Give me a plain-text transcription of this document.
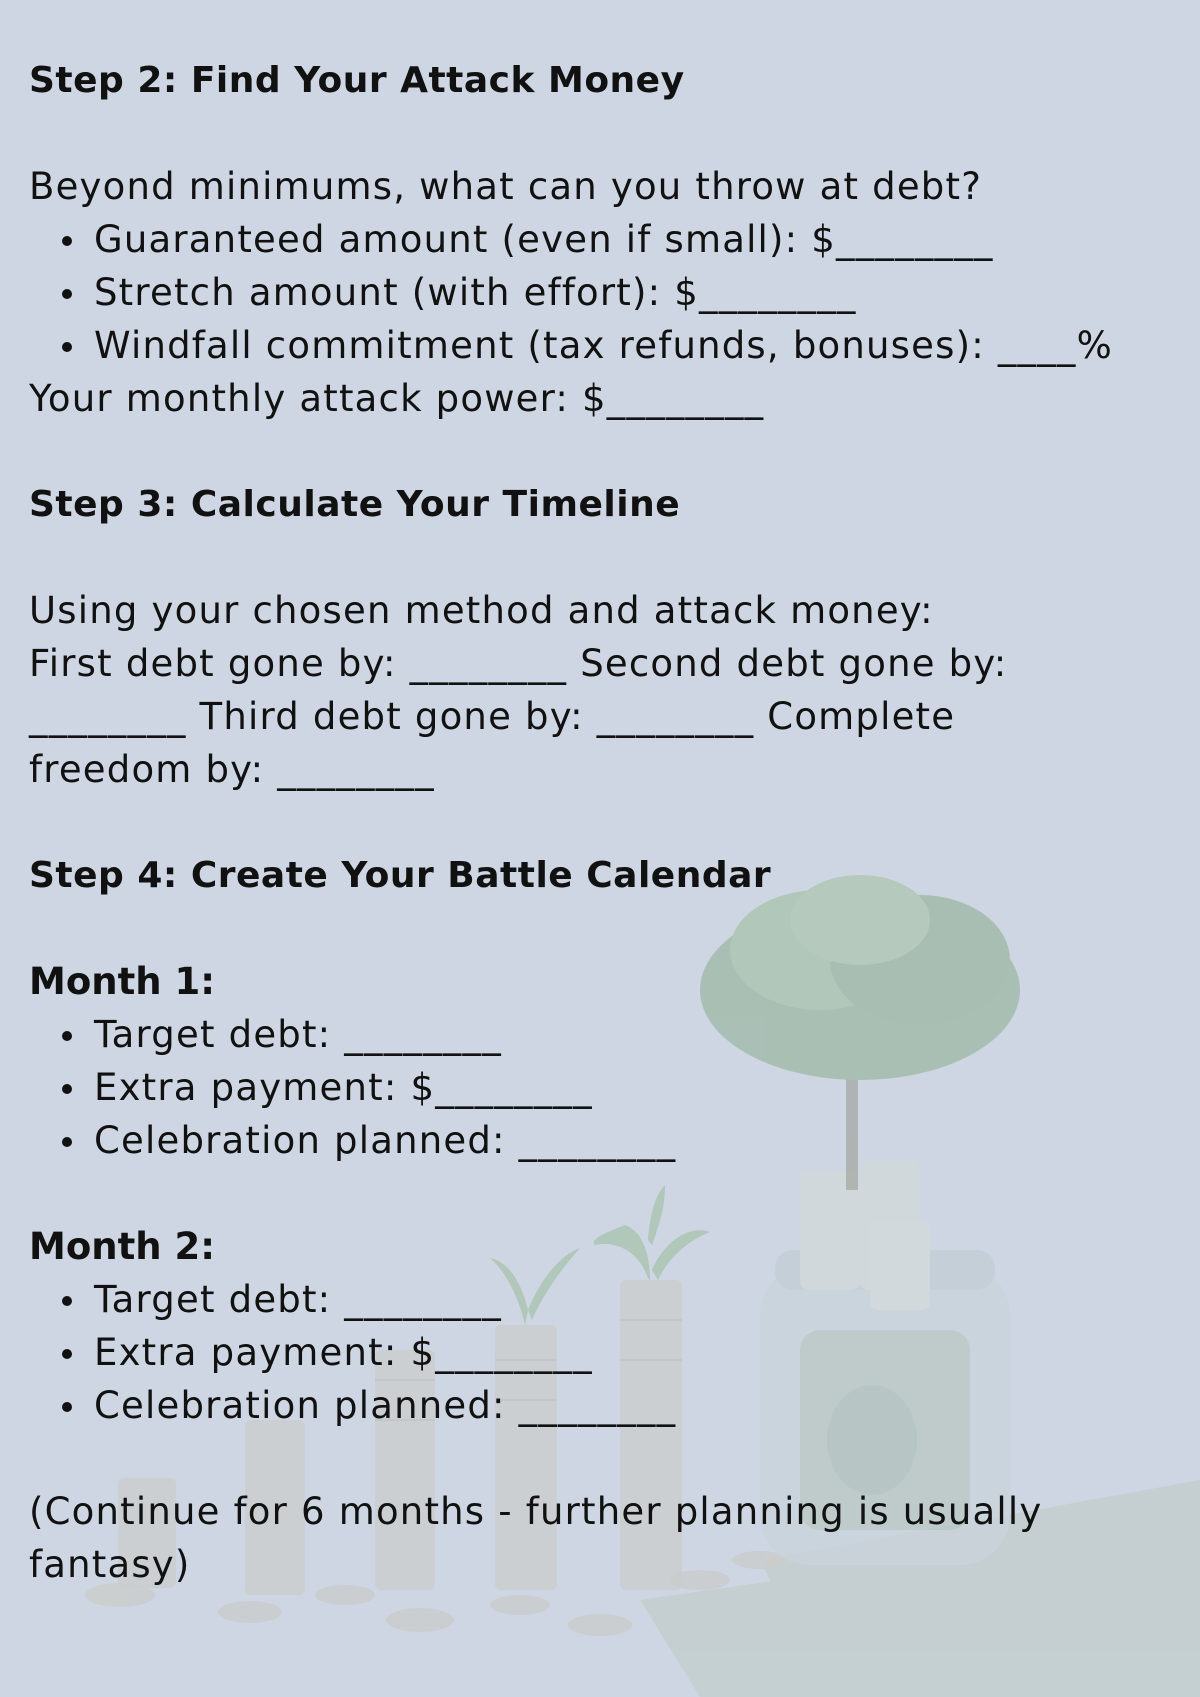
Step 2: Find Your Attack Money

Beyond minimums, what can you throw at debt?

Guaranteed amount (even if small): $________
Stretch amount (with effort): $________
Windfall commitment (tax refunds, bonuses): ____%

Your monthly attack power: $________

Step 3: Calculate Your Timeline

Using your chosen method and attack money:

First debt gone by: ________ Second debt gone by:

________ Third debt gone by: ________ Complete

freedom by: ________

Step 4: Create Your Battle Calendar

Month 1:

Target debt: ________
Extra payment: $________
Celebration planned: ________

Month 2:

Target debt: ________
Extra payment: $________
Celebration planned: ________

(Continue for 6 months - further planning is usually fantasy)
